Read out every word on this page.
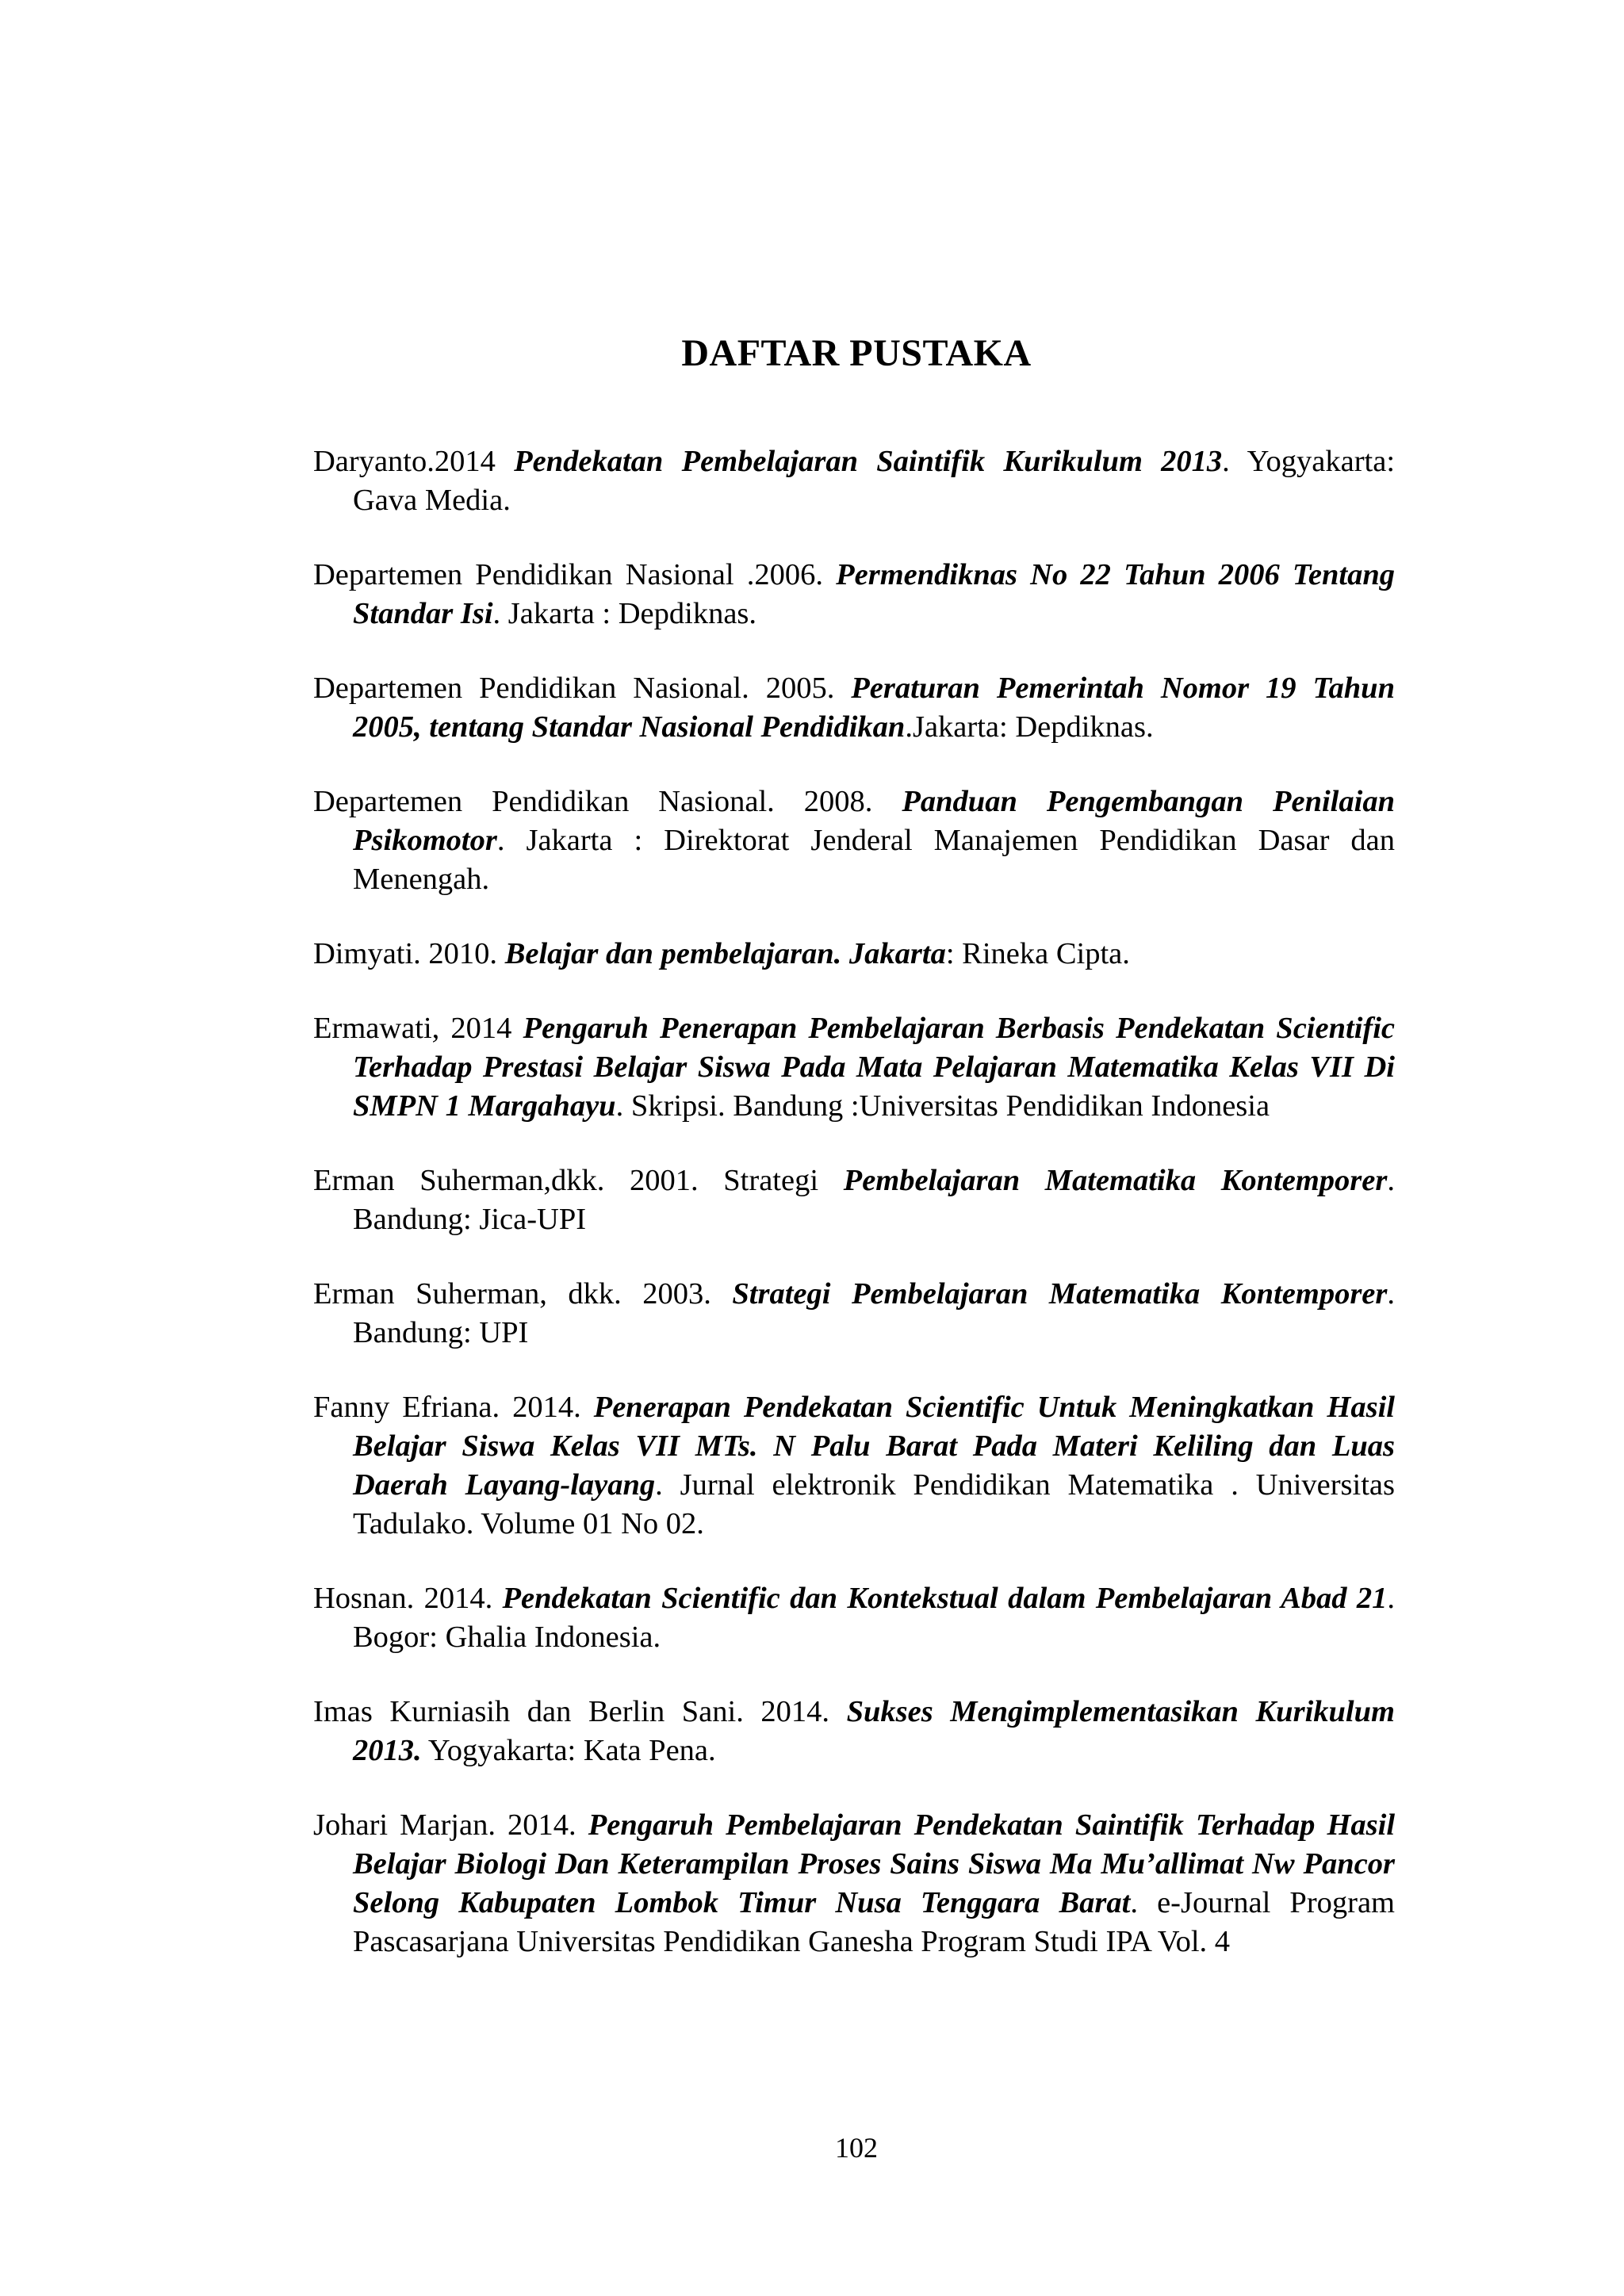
DAFTAR PUSTAKA

Daryanto.2014 Pendekatan Pembelajaran Saintifik Kurikulum 2013. Yogyakarta: Gava Media.

Departemen Pendidikan Nasional .2006. Permendiknas No 22 Tahun 2006 Tentang Standar Isi. Jakarta : Depdiknas.

Departemen Pendidikan Nasional. 2005. Peraturan Pemerintah Nomor 19 Tahun 2005, tentang Standar Nasional Pendidikan.Jakarta: Depdiknas.

Departemen Pendidikan Nasional. 2008. Panduan Pengembangan Penilaian Psikomotor. Jakarta : Direktorat Jenderal Manajemen Pendidikan Dasar dan Menengah.

Dimyati. 2010. Belajar dan pembelajaran. Jakarta: Rineka Cipta.

Ermawati, 2014 Pengaruh Penerapan Pembelajaran Berbasis Pendekatan Scientific Terhadap Prestasi Belajar Siswa Pada Mata Pelajaran Matematika Kelas VII Di SMPN 1 Margahayu. Skripsi. Bandung :Universitas Pendidikan Indonesia

Erman Suherman,dkk. 2001. Strategi Pembelajaran Matematika Kontemporer. Bandung: Jica-UPI

Erman Suherman, dkk. 2003. Strategi Pembelajaran Matematika Kontemporer. Bandung: UPI

Fanny Efriana. 2014. Penerapan Pendekatan Scientific Untuk Meningkatkan Hasil Belajar Siswa Kelas VII MTs. N Palu Barat Pada Materi Keliling dan Luas Daerah Layang-layang. Jurnal elektronik Pendidikan Matematika . Universitas Tadulako. Volume 01 No 02.

Hosnan. 2014. Pendekatan Scientific dan Kontekstual dalam Pembelajaran Abad 21. Bogor: Ghalia Indonesia.

Imas Kurniasih dan Berlin Sani. 2014. Sukses Mengimplementasikan Kurikulum 2013. Yogyakarta: Kata Pena.

Johari Marjan. 2014. Pengaruh Pembelajaran Pendekatan Saintifik Terhadap Hasil Belajar Biologi Dan Keterampilan Proses Sains Siswa Ma Mu’allimat Nw Pancor Selong Kabupaten Lombok Timur Nusa Tenggara Barat. e-Journal Program Pascasarjana Universitas Pendidikan Ganesha Program Studi IPA Vol. 4

102
